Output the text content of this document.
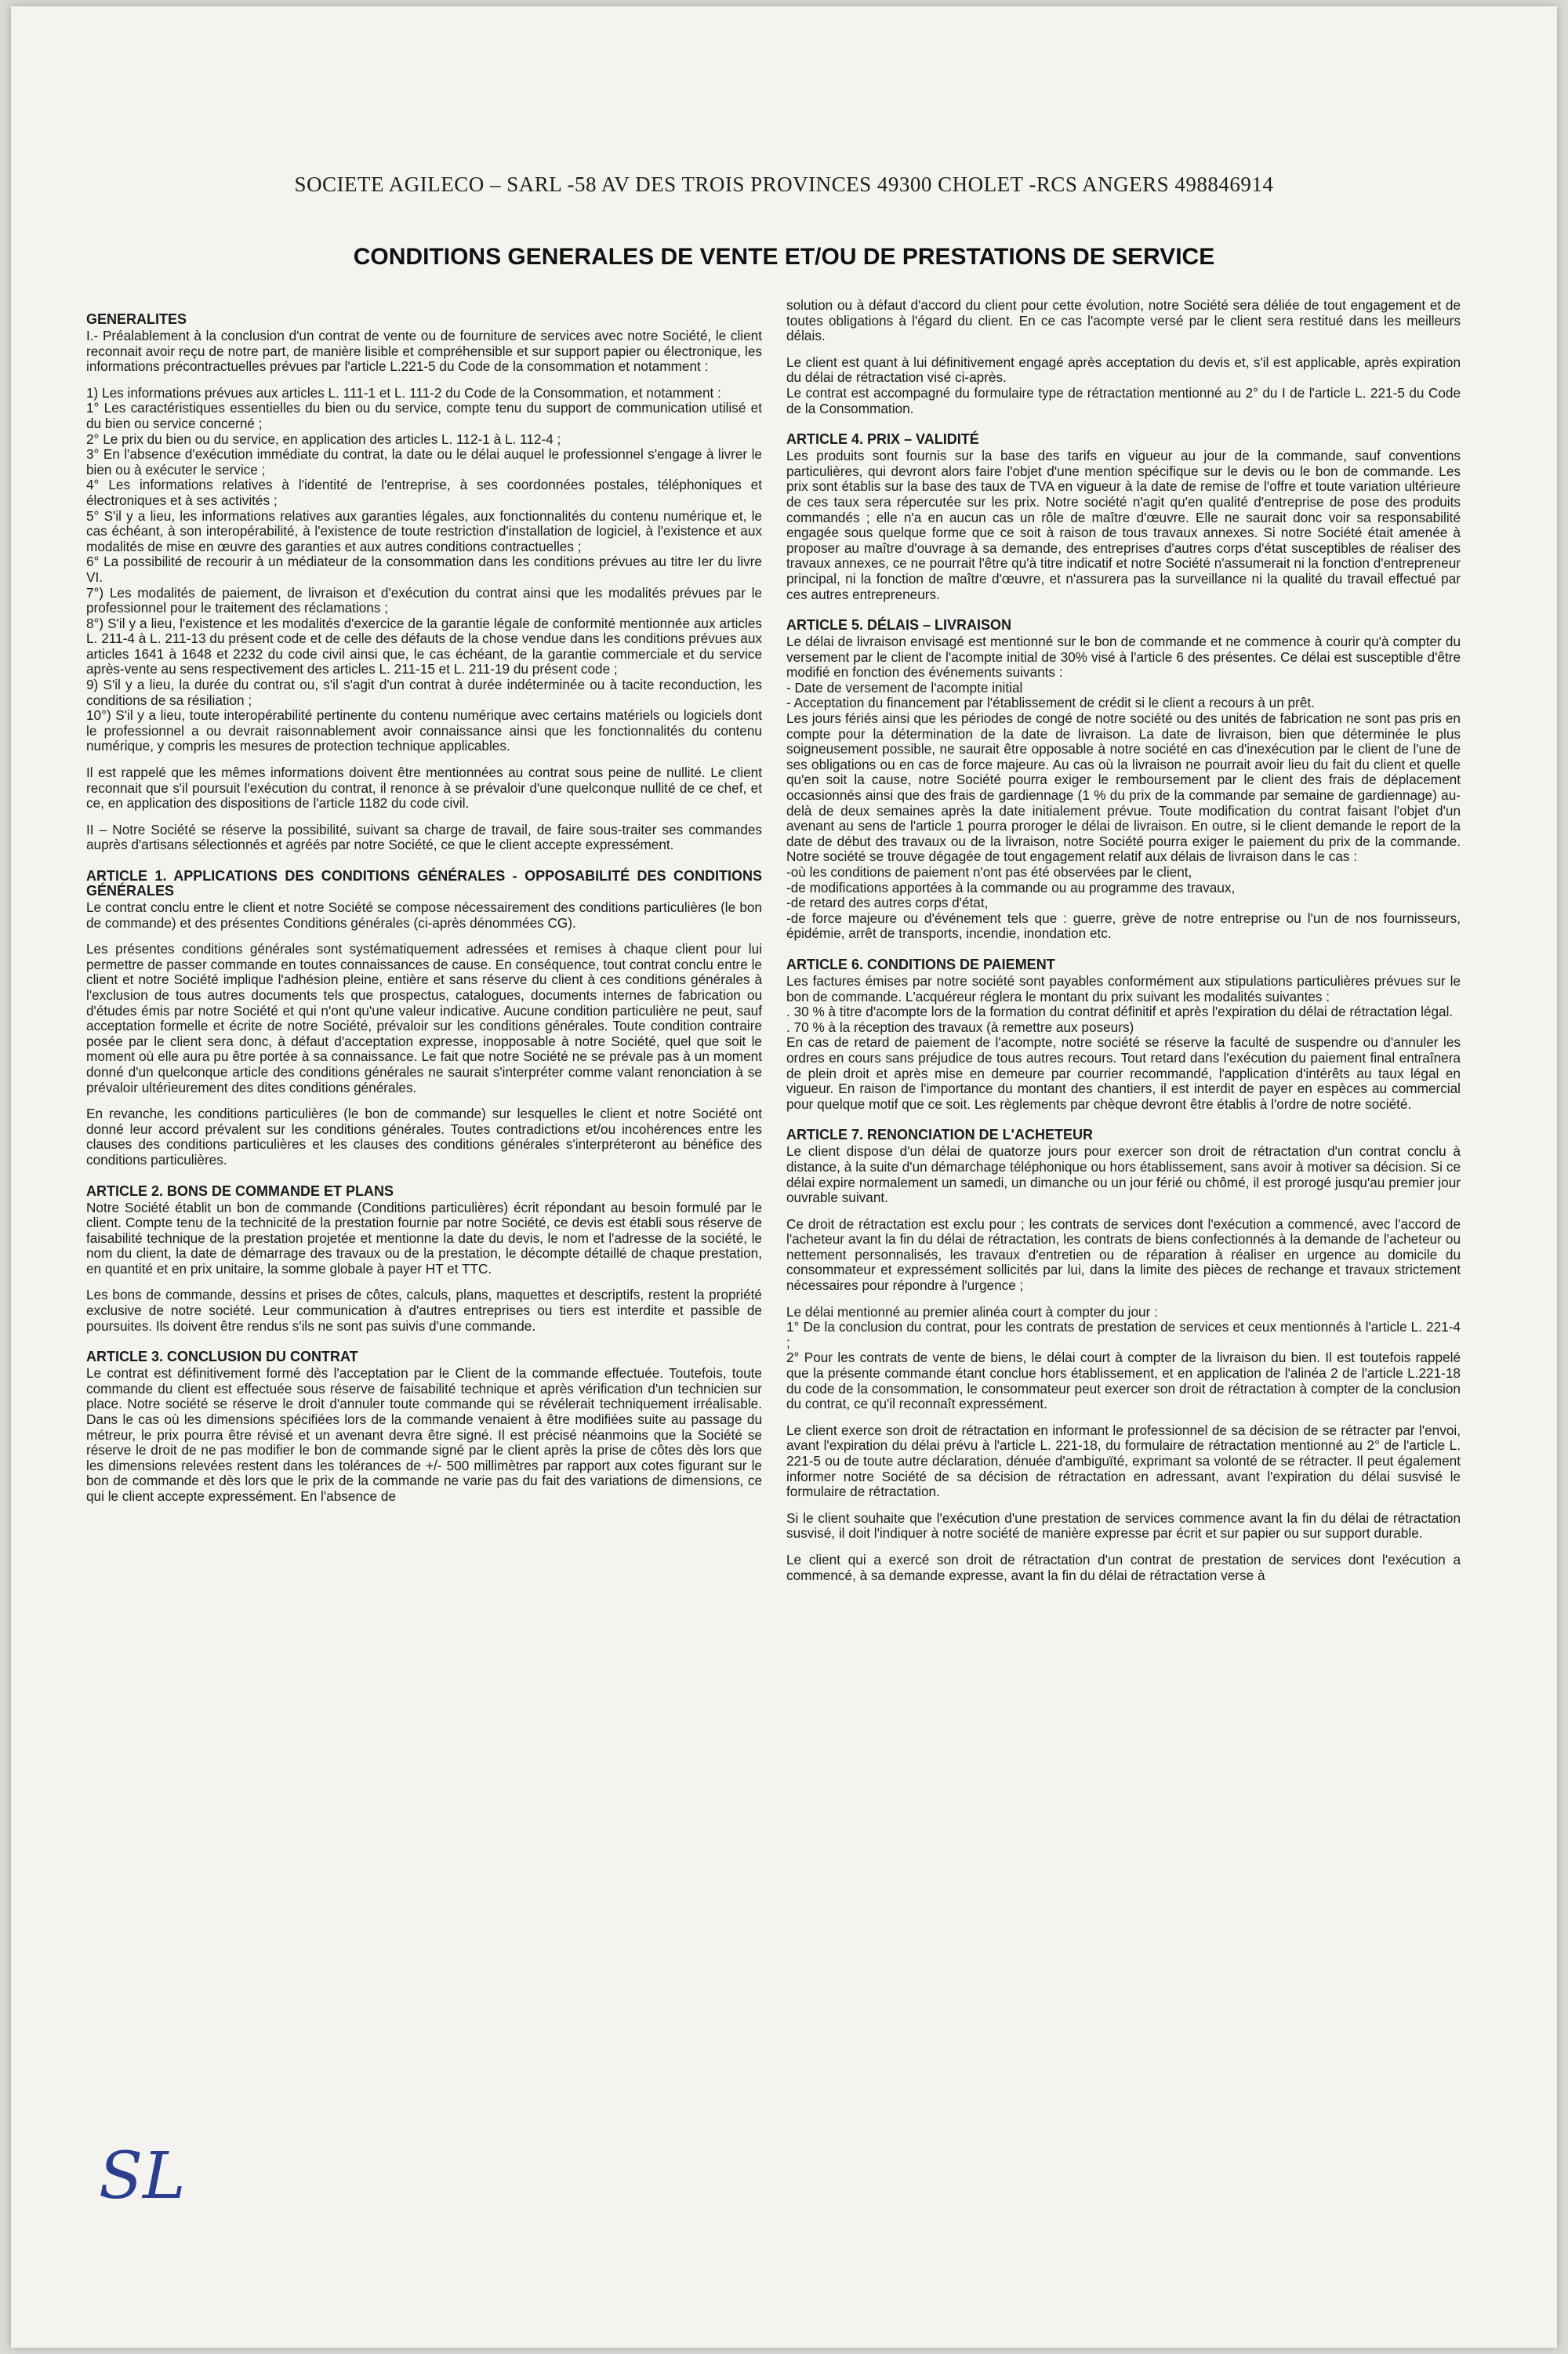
SOCIETE AGILECO – SARL -58 AV DES TROIS PROVINCES 49300 CHOLET -RCS ANGERS 498846914
CONDITIONS GENERALES DE VENTE ET/OU DE PRESTATIONS DE SERVICE
GENERALITES

I.- Préalablement à la conclusion d'un contrat de vente ou de fourniture de services avec notre Société, le client reconnait avoir reçu de notre part, de manière lisible et compréhensible et sur support papier ou électronique, les informations précontractuelles prévues par l'article L.221-5 du Code de la consommation et notamment :

1) Les informations prévues aux articles L. 111-1 et L. 111-2 du Code de la Consommation, et notamment :
1° Les caractéristiques essentielles du bien ou du service, compte tenu du support de communication utilisé et du bien ou service concerné ;
2° Le prix du bien ou du service, en application des articles L. 112-1 à L. 112-4 ;
3° En l'absence d'exécution immédiate du contrat, la date ou le délai auquel le professionnel s'engage à livrer le bien ou à exécuter le service ;
4° Les informations relatives à l'identité de l'entreprise, à ses coordonnées postales, téléphoniques et électroniques et à ses activités ;
5° S'il y a lieu, les informations relatives aux garanties légales, aux fonctionnalités du contenu numérique et, le cas échéant, à son interopérabilité, à l'existence de toute restriction d'installation de logiciel, à l'existence et aux modalités de mise en œuvre des garanties et aux autres conditions contractuelles ;
6° La possibilité de recourir à un médiateur de la consommation dans les conditions prévues au titre Ier du livre VI.
7°) Les modalités de paiement, de livraison et d'exécution du contrat ainsi que les modalités prévues par le professionnel pour le traitement des réclamations ;
8°) S'il y a lieu, l'existence et les modalités d'exercice de la garantie légale de conformité mentionnée aux articles L. 211-4 à L. 211-13 du présent code et de celle des défauts de la chose vendue dans les conditions prévues aux articles 1641 à 1648 et 2232 du code civil ainsi que, le cas échéant, de la garantie commerciale et du service après-vente au sens respectivement des articles L. 211-15 et L. 211-19 du présent code ;
9) S'il y a lieu, la durée du contrat ou, s'il s'agit d'un contrat à durée indéterminée ou à tacite reconduction, les conditions de sa résiliation ;
10°) S'il y a lieu, toute interopérabilité pertinente du contenu numérique avec certains matériels ou logiciels dont le professionnel a ou devrait raisonnablement avoir connaissance ainsi que les fonctionnalités du contenu numérique, y compris les mesures de protection technique applicables.

Il est rappelé que les mêmes informations doivent être mentionnées au contrat sous peine de nullité. Le client reconnait que s'il poursuit l'exécution du contrat, il renonce à se prévaloir d'une quelconque nullité de ce chef, et ce, en application des dispositions de l'article 1182 du code civil.

II – Notre Société se réserve la possibilité, suivant sa charge de travail, de faire sous-traiter ses commandes auprès d'artisans sélectionnés et agréés par notre Société, ce que le client accepte expressément.

ARTICLE 1. APPLICATIONS DES CONDITIONS GÉNÉRALES - OPPOSABILITÉ DES CONDITIONS GÉNÉRALES

Le contrat conclu entre le client et notre Société se compose nécessairement des conditions particulières (le bon de commande) et des présentes Conditions générales (ci-après dénommées CG).

Les présentes conditions générales sont systématiquement adressées et remises à chaque client pour lui permettre de passer commande en toutes connaissances de cause. En conséquence, tout contrat conclu entre le client et notre Société implique l'adhésion pleine, entière et sans réserve du client à ces conditions générales à l'exclusion de tous autres documents tels que prospectus, catalogues, documents internes de fabrication ou d'études émis par notre Société et qui n'ont qu'une valeur indicative. Aucune condition particulière ne peut, sauf acceptation formelle et écrite de notre Société, prévaloir sur les conditions générales. Toute condition contraire posée par le client sera donc, à défaut d'acceptation expresse, inopposable à notre Société, quel que soit le moment où elle aura pu être portée à sa connaissance. Le fait que notre Société ne se prévale pas à un moment donné d'un quelconque article des conditions générales ne saurait s'interpréter comme valant renonciation à se prévaloir ultérieurement des dites conditions générales.

En revanche, les conditions particulières (le bon de commande) sur lesquelles le client et notre Société ont donné leur accord prévalent sur les conditions générales. Toutes contradictions et/ou incohérences entre les clauses des conditions particulières et les clauses des conditions générales s'interpréteront au bénéfice des conditions particulières.

ARTICLE 2. BONS DE COMMANDE ET PLANS

Notre Société établit un bon de commande (Conditions particulières) écrit répondant au besoin formulé par le client. Compte tenu de la technicité de la prestation fournie par notre Société, ce devis est établi sous réserve de faisabilité technique de la prestation projetée et mentionne la date du devis, le nom et l'adresse de la société, le nom du client, la date de démarrage des travaux ou de la prestation, le décompte détaillé de chaque prestation, en quantité et en prix unitaire, la somme globale à payer HT et TTC.

Les bons de commande, dessins et prises de côtes, calculs, plans, maquettes et descriptifs, restent la propriété exclusive de notre société. Leur communication à d'autres entreprises ou tiers est interdite et passible de poursuites. Ils doivent être rendus s'ils ne sont pas suivis d'une commande.

ARTICLE 3. CONCLUSION DU CONTRAT

Le contrat est définitivement formé dès l'acceptation par le Client de la commande effectuée. Toutefois, toute commande du client est effectuée sous réserve de faisabilité technique et après vérification d'un technicien sur place. Notre société se réserve le droit d'annuler toute commande qui se révélerait techniquement irréalisable. Dans le cas où les dimensions spécifiées lors de la commande venaient à être modifiées suite au passage du métreur, le prix pourra être révisé et un avenant devra être signé. Il est précisé néanmoins que la Société se réserve le droit de ne pas modifier le bon de commande signé par le client après la prise de côtes dès lors que les dimensions relevées restent dans les tolérances de +/- 500 millimètres par rapport aux cotes figurant sur le bon de commande et dès lors que le prix de la commande ne varie pas du fait des variations de dimensions, ce qui le client accepte expressément. En l'absence de

solution ou à défaut d'accord du client pour cette évolution, notre Société sera déliée de tout engagement et de toutes obligations à l'égard du client. En ce cas l'acompte versé par le client sera restitué dans les meilleurs délais.

Le client est quant à lui définitivement engagé après acceptation du devis et, s'il est applicable, après expiration du délai de rétractation visé ci-après.
Le contrat est accompagné du formulaire type de rétractation mentionné au 2° du I de l'article L. 221-5 du Code de la Consommation.

ARTICLE 4. PRIX – VALIDITÉ

Les produits sont fournis sur la base des tarifs en vigueur au jour de la commande, sauf conventions particulières, qui devront alors faire l'objet d'une mention spécifique sur le devis ou le bon de commande. Les prix sont établis sur la base des taux de TVA en vigueur à la date de remise de l'offre et toute variation ultérieure de ces taux sera répercutée sur les prix. Notre société n'agit qu'en qualité d'entreprise de pose des produits commandés ; elle n'a en aucun cas un rôle de maître d'œuvre. Elle ne saurait donc voir sa responsabilité engagée sous quelque forme que ce soit à raison de tous travaux annexes. Si notre Société était amenée à proposer au maître d'ouvrage à sa demande, des entreprises d'autres corps d'état susceptibles de réaliser des travaux annexes, ce ne pourrait l'être qu'à titre indicatif et notre Société n'assumerait ni la fonction d'entrepreneur principal, ni la fonction de maître d'œuvre, et n'assurera pas la surveillance ni la qualité du travail effectué par ces autres entrepreneurs.

ARTICLE 5. DÉLAIS – LIVRAISON

Le délai de livraison envisagé est mentionné sur le bon de commande et ne commence à courir qu'à compter du versement par le client de l'acompte initial de 30% visé à l'article 6 des présentes. Ce délai est susceptible d'être modifié en fonction des événements suivants :
- Date de versement de l'acompte initial
- Acceptation du financement par l'établissement de crédit si le client a recours à un prêt.
Les jours fériés ainsi que les périodes de congé de notre société ou des unités de fabrication ne sont pas pris en compte pour la détermination de la date de livraison. La date de livraison, bien que déterminée le plus soigneusement possible, ne saurait être opposable à notre société en cas d'inexécution par le client de l'une de ses obligations ou en cas de force majeure. Au cas où la livraison ne pourrait avoir lieu du fait du client et quelle qu'en soit la cause, notre Société pourra exiger le remboursement par le client des frais de déplacement occasionnés ainsi que des frais de gardiennage (1 % du prix de la commande par semaine de gardiennage) au-delà de deux semaines après la date initialement prévue. Toute modification du contrat faisant l'objet d'un avenant au sens de l'article 1 pourra proroger le délai de livraison. En outre, si le client demande le report de la date de début des travaux ou de la livraison, notre Société pourra exiger le paiement du prix de la commande. Notre société se trouve dégagée de tout engagement relatif aux délais de livraison dans le cas :
-où les conditions de paiement n'ont pas été observées par le client,
-de modifications apportées à la commande ou au programme des travaux,
-de retard des autres corps d'état,
-de force majeure ou d'événement tels que : guerre, grève de notre entreprise ou l'un de nos fournisseurs, épidémie, arrêt de transports, incendie, inondation etc.

ARTICLE 6. CONDITIONS DE PAIEMENT

Les factures émises par notre société sont payables conformément aux stipulations particulières prévues sur le bon de commande. L'acquéreur réglera le montant du prix suivant les modalités suivantes :
. 30 % à titre d'acompte lors de la formation du contrat définitif et après l'expiration du délai de rétractation légal.
. 70 % à la réception des travaux (à remettre aux poseurs)
En cas de retard de paiement de l'acompte, notre société se réserve la faculté de suspendre ou d'annuler les ordres en cours sans préjudice de tous autres recours. Tout retard dans l'exécution du paiement final entraînera de plein droit et après mise en demeure par courrier recommandé, l'application d'intérêts au taux légal en vigueur. En raison de l'importance du montant des chantiers, il est interdit de payer en espèces au commercial pour quelque motif que ce soit. Les règlements par chèque devront être établis à l'ordre de notre société.

ARTICLE 7. RENONCIATION DE L'ACHETEUR

Le client dispose d'un délai de quatorze jours pour exercer son droit de rétractation d'un contrat conclu à distance, à la suite d'un démarchage téléphonique ou hors établissement, sans avoir à motiver sa décision. Si ce délai expire normalement un samedi, un dimanche ou un jour férié ou chômé, il est prorogé jusqu'au premier jour ouvrable suivant.

Ce droit de rétractation est exclu pour ; les contrats de services dont l'exécution a commencé, avec l'accord de l'acheteur avant la fin du délai de rétractation, les contrats de biens confectionnés à la demande de l'acheteur ou nettement personnalisés, les travaux d'entretien ou de réparation à réaliser en urgence au domicile du consommateur et expressément sollicités par lui, dans la limite des pièces de rechange et travaux strictement nécessaires pour répondre à l'urgence ;

Le délai mentionné au premier alinéa court à compter du jour :
1° De la conclusion du contrat, pour les contrats de prestation de services et ceux mentionnés à l'article L. 221-4 ;
2° Pour les contrats de vente de biens, le délai court à compter de la livraison du bien. Il est toutefois rappelé que la présente commande étant conclue hors établissement, et en application de l'alinéa 2 de l'article L.221-18 du code de la consommation, le consommateur peut exercer son droit de rétractation à compter de la conclusion du contrat, ce qu'il reconnaît expressément.

Le client exerce son droit de rétractation en informant le professionnel de sa décision de se rétracter par l'envoi, avant l'expiration du délai prévu à l'article L. 221-18, du formulaire de rétractation mentionné au 2° de l'article L. 221-5 ou de toute autre déclaration, dénuée d'ambiguïté, exprimant sa volonté de se rétracter. Il peut également informer notre Société de sa décision de rétractation en adressant, avant l'expiration du délai susvisé le formulaire de rétractation.

Si le client souhaite que l'exécution d'une prestation de services commence avant la fin du délai de rétractation susvisé, il doit l'indiquer à notre société de manière expresse par écrit et sur papier ou sur support durable.

Le client qui a exercé son droit de rétractation d'un contrat de prestation de services dont l'exécution a commencé, à sa demande expresse, avant la fin du délai de rétractation verse à

SL
